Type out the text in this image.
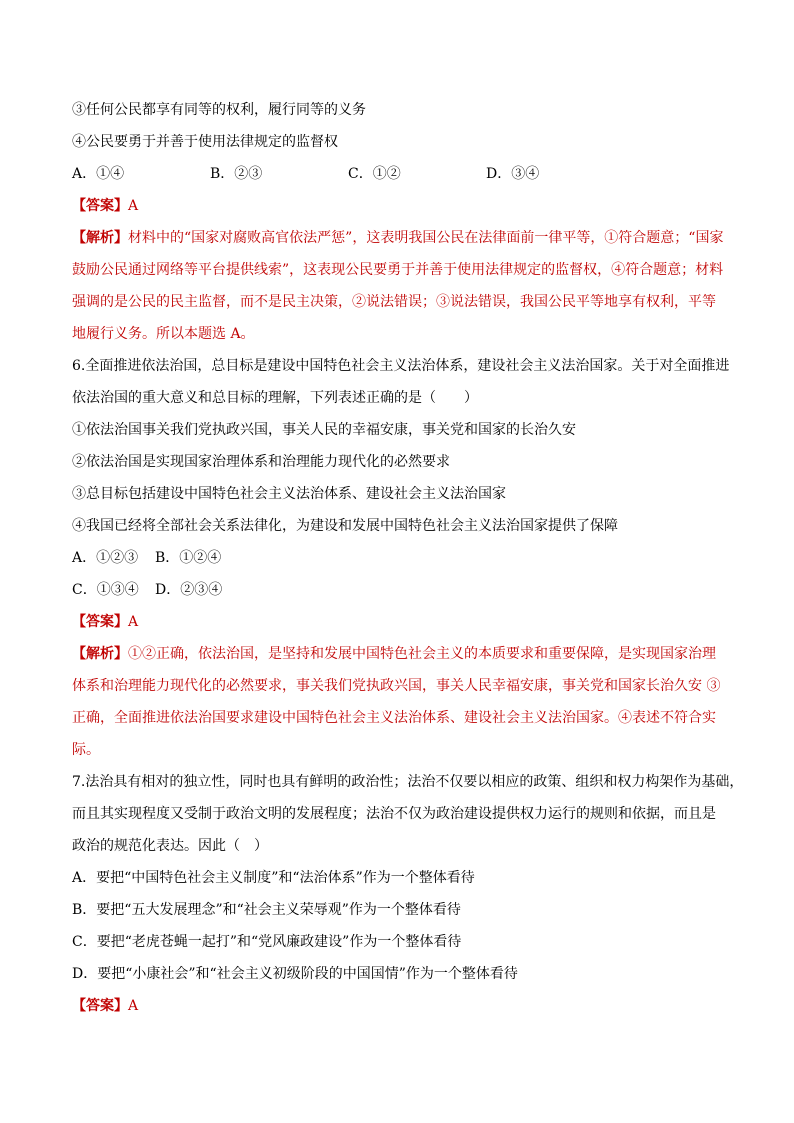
③任何公民都享有同等的权利，履行同等的义务
④公民要勇于并善于使用法律规定的监督权
A．①④	B．②③	C．①②	D．③④
【答案】A
【解析】材料中的“国家对腐败高官依法严惩”，这表明我国公民在法律面前一律平等，①符合题意；“国家
鼓励公民通过网络等平台提供线索”，这表现公民要勇于并善于使用法律规定的监督权，④符合题意；材料
强调的是公民的民主监督，而不是民主决策，②说法错误；③说法错误，我国公民平等地享有权利，平等
地履行义务。所以本题选 A。
6.全面推进依法治国，总目标是建设中国特色社会主义法治体系，建设社会主义法治国家。关于对全面推进
依法治国的重大意义和总目标的理解，下列表述正确的是（　　）
①依法治国事关我们党执政兴国，事关人民的幸福安康，事关党和国家的长治久安
②依法治国是实现国家治理体系和治理能力现代化的必然要求
③总目标包括建设中国特色社会主义法治体系、建设社会主义法治国家
④我国已经将全部社会关系法律化，为建设和发展中国特色社会主义法治国家提供了保障
A．①②③ B．①②④
C．①③④ D．②③④
【答案】A
【解析】①②正确，依法治国，是坚持和发展中国特色社会主义的本质要求和重要保障，是实现国家治理
体系和治理能力现代化的必然要求，事关我们党执政兴国，事关人民幸福安康，事关党和国家长治久安 ③
正确，全面推进依法治国要求建设中国特色社会主义法治体系、建设社会主义法治国家。④表述不符合实
际。
7.法治具有相对的独立性，同时也具有鲜明的政治性；法治不仅要以相应的政策、组织和权力构架作为基础，
而且其实现程度又受制于政治文明的发展程度；法治不仅为政治建设提供权力运行的规则和依据，而且是
政治的规范化表达。因此（　）
A．要把“中国特色社会主义制度”和“法治体系”作为一个整体看待
B．要把“五大发展理念”和“社会主义荣辱观”作为一个整体看待
C．要把“老虎苍蝇一起打”和“党风廉政建设”作为一个整体看待
D．要把“小康社会”和“社会主义初级阶段的中国国情”作为一个整体看待
【答案】A
